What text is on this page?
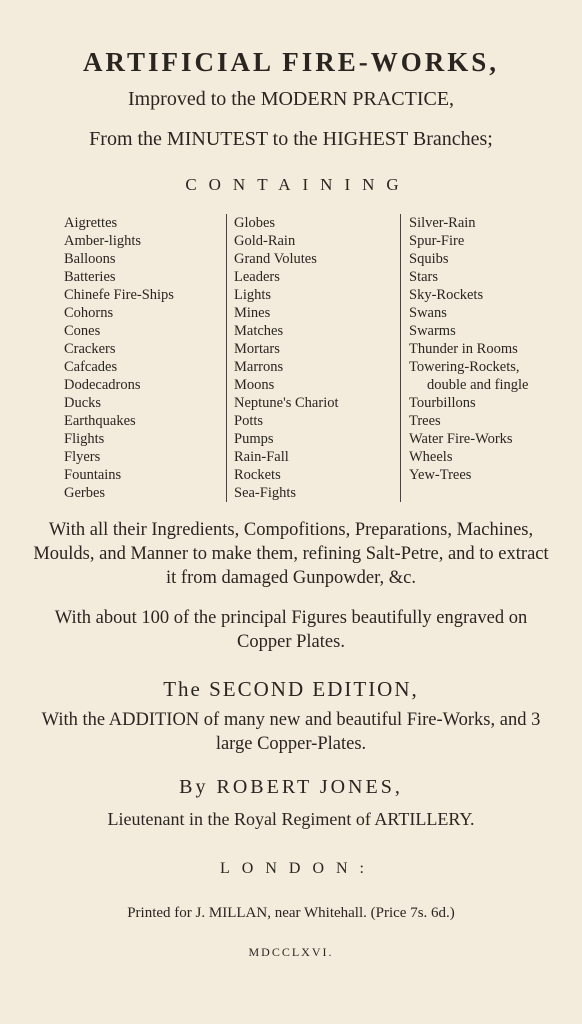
ARTIFICIAL FIRE-WORKS,
Improved to the MODERN PRACTICE,
From the MINUTEST to the HIGHEST Branches;
CONTAINING
Aigrettes
Amber-lights
Balloons
Batteries
Chinefe Fire-Ships
Cohorns
Cones
Crackers
Cafcades
Dodecadrons
Ducks
Earthquakes
Flights
Flyers
Fountains
Gerbes
Globes
Gold-Rain
Grand Volutes
Leaders
Lights
Mines
Matches
Mortars
Marrons
Moons
Neptune's Chariot
Potts
Pumps
Rain-Fall
Rockets
Sea-Fights
Silver-Rain
Spur-Fire
Squibs
Stars
Sky-Rockets
Swans
Swarms
Thunder in Rooms
Towering-Rockets,
double and fingle
Tourbillons
Trees
Water Fire-Works
Wheels
Yew-Trees
With all their Ingredients, Compofitions, Preparations, Machines, Moulds, and Manner to make them, refining Salt-Petre, and to extract it from damaged Gunpowder, &c.
With about 100 of the principal Figures beautifully engraved on Copper Plates.
The SECOND EDITION,
With the ADDITION of many new and beautiful Fire-Works, and 3 large Copper-Plates.
By ROBERT JONES,
Lieutenant in the Royal Regiment of ARTILLERY.
LONDON:
Printed for J. MILLAN, near Whitehall. (Price 7s. 6d.)
MDCCLXVI.
